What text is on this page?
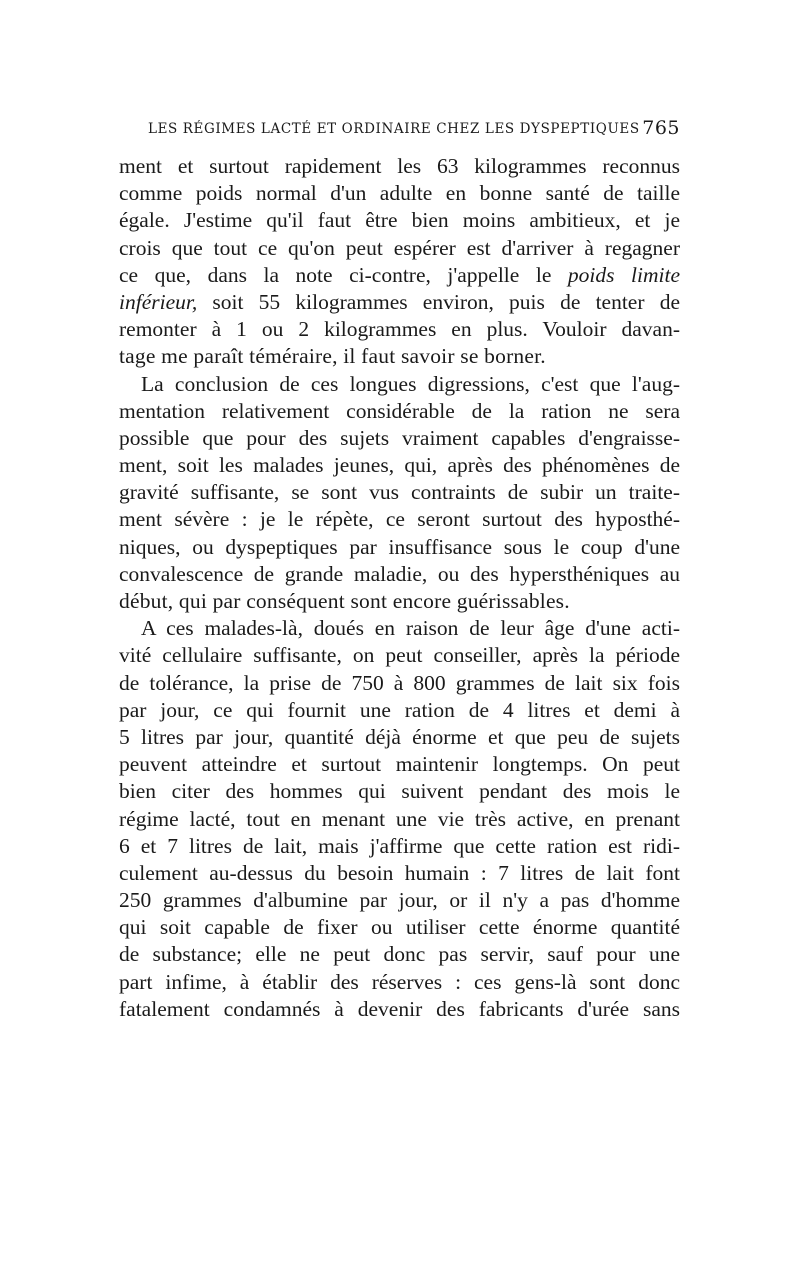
LES RÉGIMES LACTÉ ET ORDINAIRE CHEZ LES DYSPEPTIQUES 765
ment et surtout rapidement les 63 kilogrammes reconnus
comme poids normal d'un adulte en bonne santé de taille
égale. J'estime qu'il faut être bien moins ambitieux, et je
crois que tout ce qu'on peut espérer est d'arriver à regagner
ce que, dans la note ci-contre, j'appelle le poids limite
inférieur, soit 55 kilogrammes environ, puis de tenter de
remonter à 1 ou 2 kilogrammes en plus. Vouloir davan-
tage me paraît téméraire, il faut savoir se borner.
La conclusion de ces longues digressions, c'est que l'aug-
mentation relativement considérable de la ration ne sera
possible que pour des sujets vraiment capables d'engraisse-
ment, soit les malades jeunes, qui, après des phénomènes de
gravité suffisante, se sont vus contraints de subir un traite-
ment sévère : je le répète, ce seront surtout des hyposthé-
niques, ou dyspeptiques par insuffisance sous le coup d'une
convalescence de grande maladie, ou des hypersthéniques au
début, qui par conséquent sont encore guérissables.
A ces malades-là, doués en raison de leur âge d'une acti-
vité cellulaire suffisante, on peut conseiller, après la période
de tolérance, la prise de 750 à 800 grammes de lait six fois
par jour, ce qui fournit une ration de 4 litres et demi à
5 litres par jour, quantité déjà énorme et que peu de sujets
peuvent atteindre et surtout maintenir longtemps. On peut
bien citer des hommes qui suivent pendant des mois le
régime lacté, tout en menant une vie très active, en prenant
6 et 7 litres de lait, mais j'affirme que cette ration est ridi-
culement au-dessus du besoin humain : 7 litres de lait font
250 grammes d'albumine par jour, or il n'y a pas d'homme
qui soit capable de fixer ou utiliser cette énorme quantité
de substance; elle ne peut donc pas servir, sauf pour une
part infime, à établir des réserves : ces gens-là sont donc
fatalement condamnés à devenir des fabricants d'urée sans
